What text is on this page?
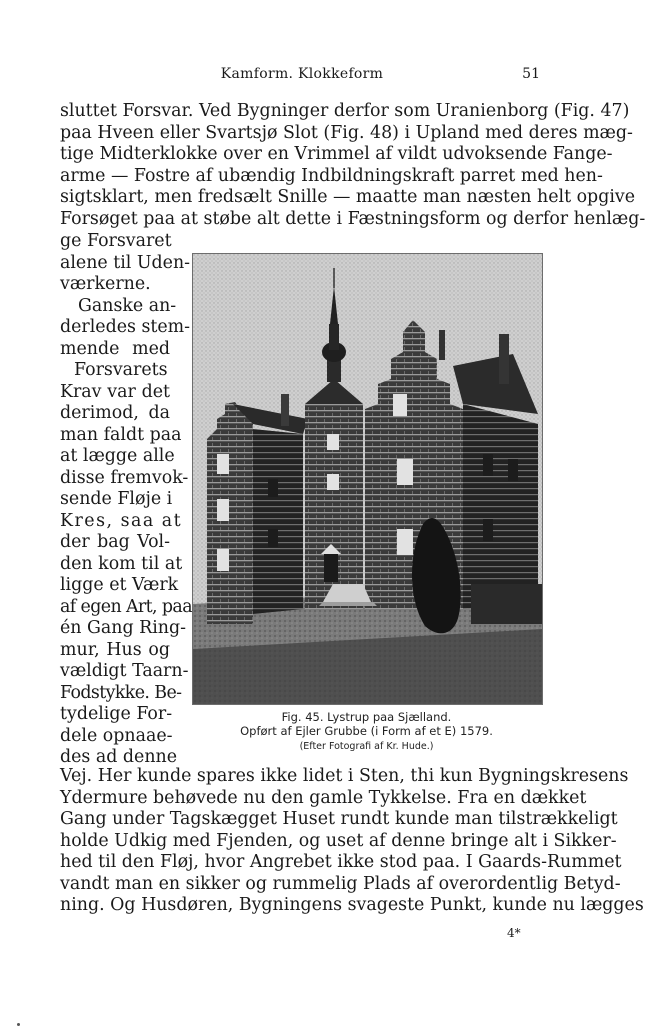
Kamform. Klokkeform	51
sluttet Forsvar. Ved Bygninger derfor som Uranienborg (Fig. 47)
paa Hveen eller Svartsjø Slot (Fig. 48) i Upland med deres mæg-
tige Midterklokke over en Vrimmel af vildt udvoksende Fange-
arme — Fostre af ubændig Indbildningskraft parret med hen-
sigtsklart, men fredsælt Snille — maatte man næsten helt opgive
Forsøget paa at støbe alt dette i Fæstningsform og derfor henlæg-
ge Forsvaret
alene til Uden-
værkerne.
Ganske an-
derledes stem-
mende med
Forsvarets
Krav var det
derimod, da
man faldt paa
at lægge alle
disse fremvok-
sende Fløje i
Kres, saa at
der bag Vol-
den kom til at
ligge et Værk
af egen Art, paa
én Gang Ring-
mur, Hus og
vældigt Taarn-
Fodstykke. Be-
tydelige For-
dele opnaae-
des ad denne
Fig. 45. Lystrup paa Sjælland.
Opført af Ejler Grubbe (i Form af et E) 1579.
(Efter Fotografi af Kr. Hude.)
Vej. Her kunde spares ikke lidet i Sten, thi kun Bygningskresens
Ydermure behøvede nu den gamle Tykkelse. Fra en dækket
Gang under Tagskægget Huset rundt kunde man tilstrækkeligt
holde Udkig med Fjenden, og uset af denne bringe alt i Sikker-
hed til den Fløj, hvor Angrebet ikke stod paa. I Gaards-Rummet
vandt man en sikker og rummelig Plads af overordentlig Betyd-
ning. Og Husdøren, Bygningens svageste Punkt, kunde nu lægges
4*
